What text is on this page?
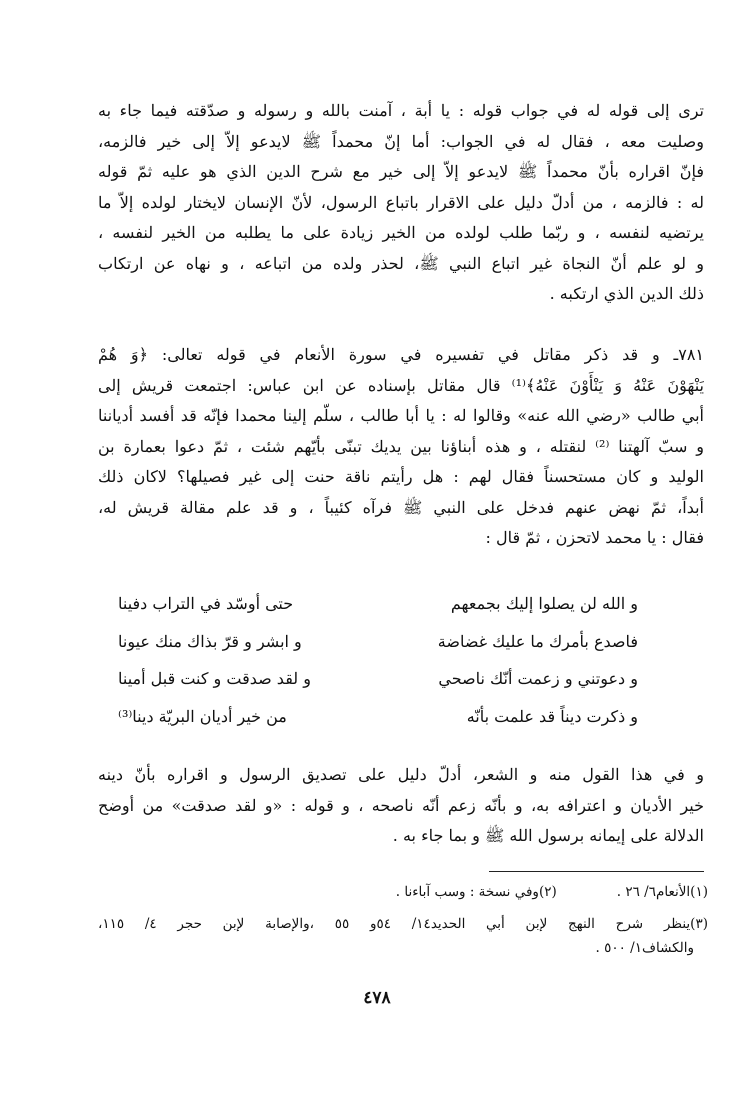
ترى إلى قوله له في جواب قوله : يا أبة ، آمنت بالله و رسوله و صدّقته فيما جاء به
وصليت معه ، فقال له في الجواب: أما إنّ محمداً ﷺ لايدعو إلاّ إلى خير فالزمه،
فإنّ اقراره بأنّ محمداً ﷺ لايدعو إلاّ إلى خير مع شرح الدين الذي هو عليه ثمّ قوله
له : فالزمه ، من أدلّ دليل على الاقرار باتباع الرسول، لأنّ الإنسان لايختار لولده إلاّ ما
يرتضيه لنفسه ، و ربّما طلب لولده من الخير زيادة على ما يطلبه من الخير لنفسه ،
و لو علم أنّ النجاة غير اتباع النبي ﷺ، لحذر ولده من اتباعه ، و نهاه عن ارتكاب
ذلك الدين الذي ارتكبه .
٧٨١ـ و قد ذكر مقاتل في تفسيره في سورة الأنعام في قوله تعالى: ﴿وَ هُمْ
يَنْهَوْنَ عَنْهُ وَ يَنْأَوْنَ عَنْهُ﴾⁽¹⁾ قال مقاتل بإسناده عن ابن عباس: اجتمعت قريش إلى
أبي طالب «رضي الله عنه» وقالوا له : يا أبا طالب ، سلّم إلينا محمدا فإنّه قد أفسد أدياننا
و سبّ آلهتنا ⁽²⁾ لنقتله ، و هذه أبناؤنا بين يديك تبنّى بأيّهم شئت ، ثمّ دعوا بعمارة بن
الوليد و كان مستحسناً فقال لهم : هل رأيتم ناقة حنت إلى غير فصيلها؟ لاكان ذلك
أبداً، ثمّ نهض عنهم فدخل على النبي ﷺ فرآه كئيباً ، و قد علم مقالة قريش له،
فقال : يا محمد لاتحزن ، ثمّ قال :
و الله لن يصلوا إليك بجمعهم
حتى أوسّد في التراب دفينا
فاصدع بأمرك ما عليك غضاضة
و ابشر و قرّ بذاك منك عيونا
و دعوتني و زعمت أنّك ناصحي
و لقد صدقت و كنت قبل أمينا
و ذكرت ديناً قد علمت بأنّه
من خير أديان البريّة دينا⁽³⁾
و في هذا القول منه و الشعر، أدلّ دليل على تصديق الرسول و اقراره بأنّ دينه
خير الأديان و اعترافه به، و بأنّه زعم أنّه ناصحه ، و قوله : «و لقد صدقت» من أوضح
الدلالة على إيمانه برسول الله ﷺ و بما جاء به .
(١)الأنعام٦/ ٢٦ .
(٢)وفي نسخة : وسب آباءنا .
(٣)ينظر شرح النهج لإبن أبي الحديد١٤/ ٥٤و ٥٥ ،والإصابة لإبن حجر ٤/ ١١٥،
والكشاف١/ ٥٠٠ .
٤٧٨
